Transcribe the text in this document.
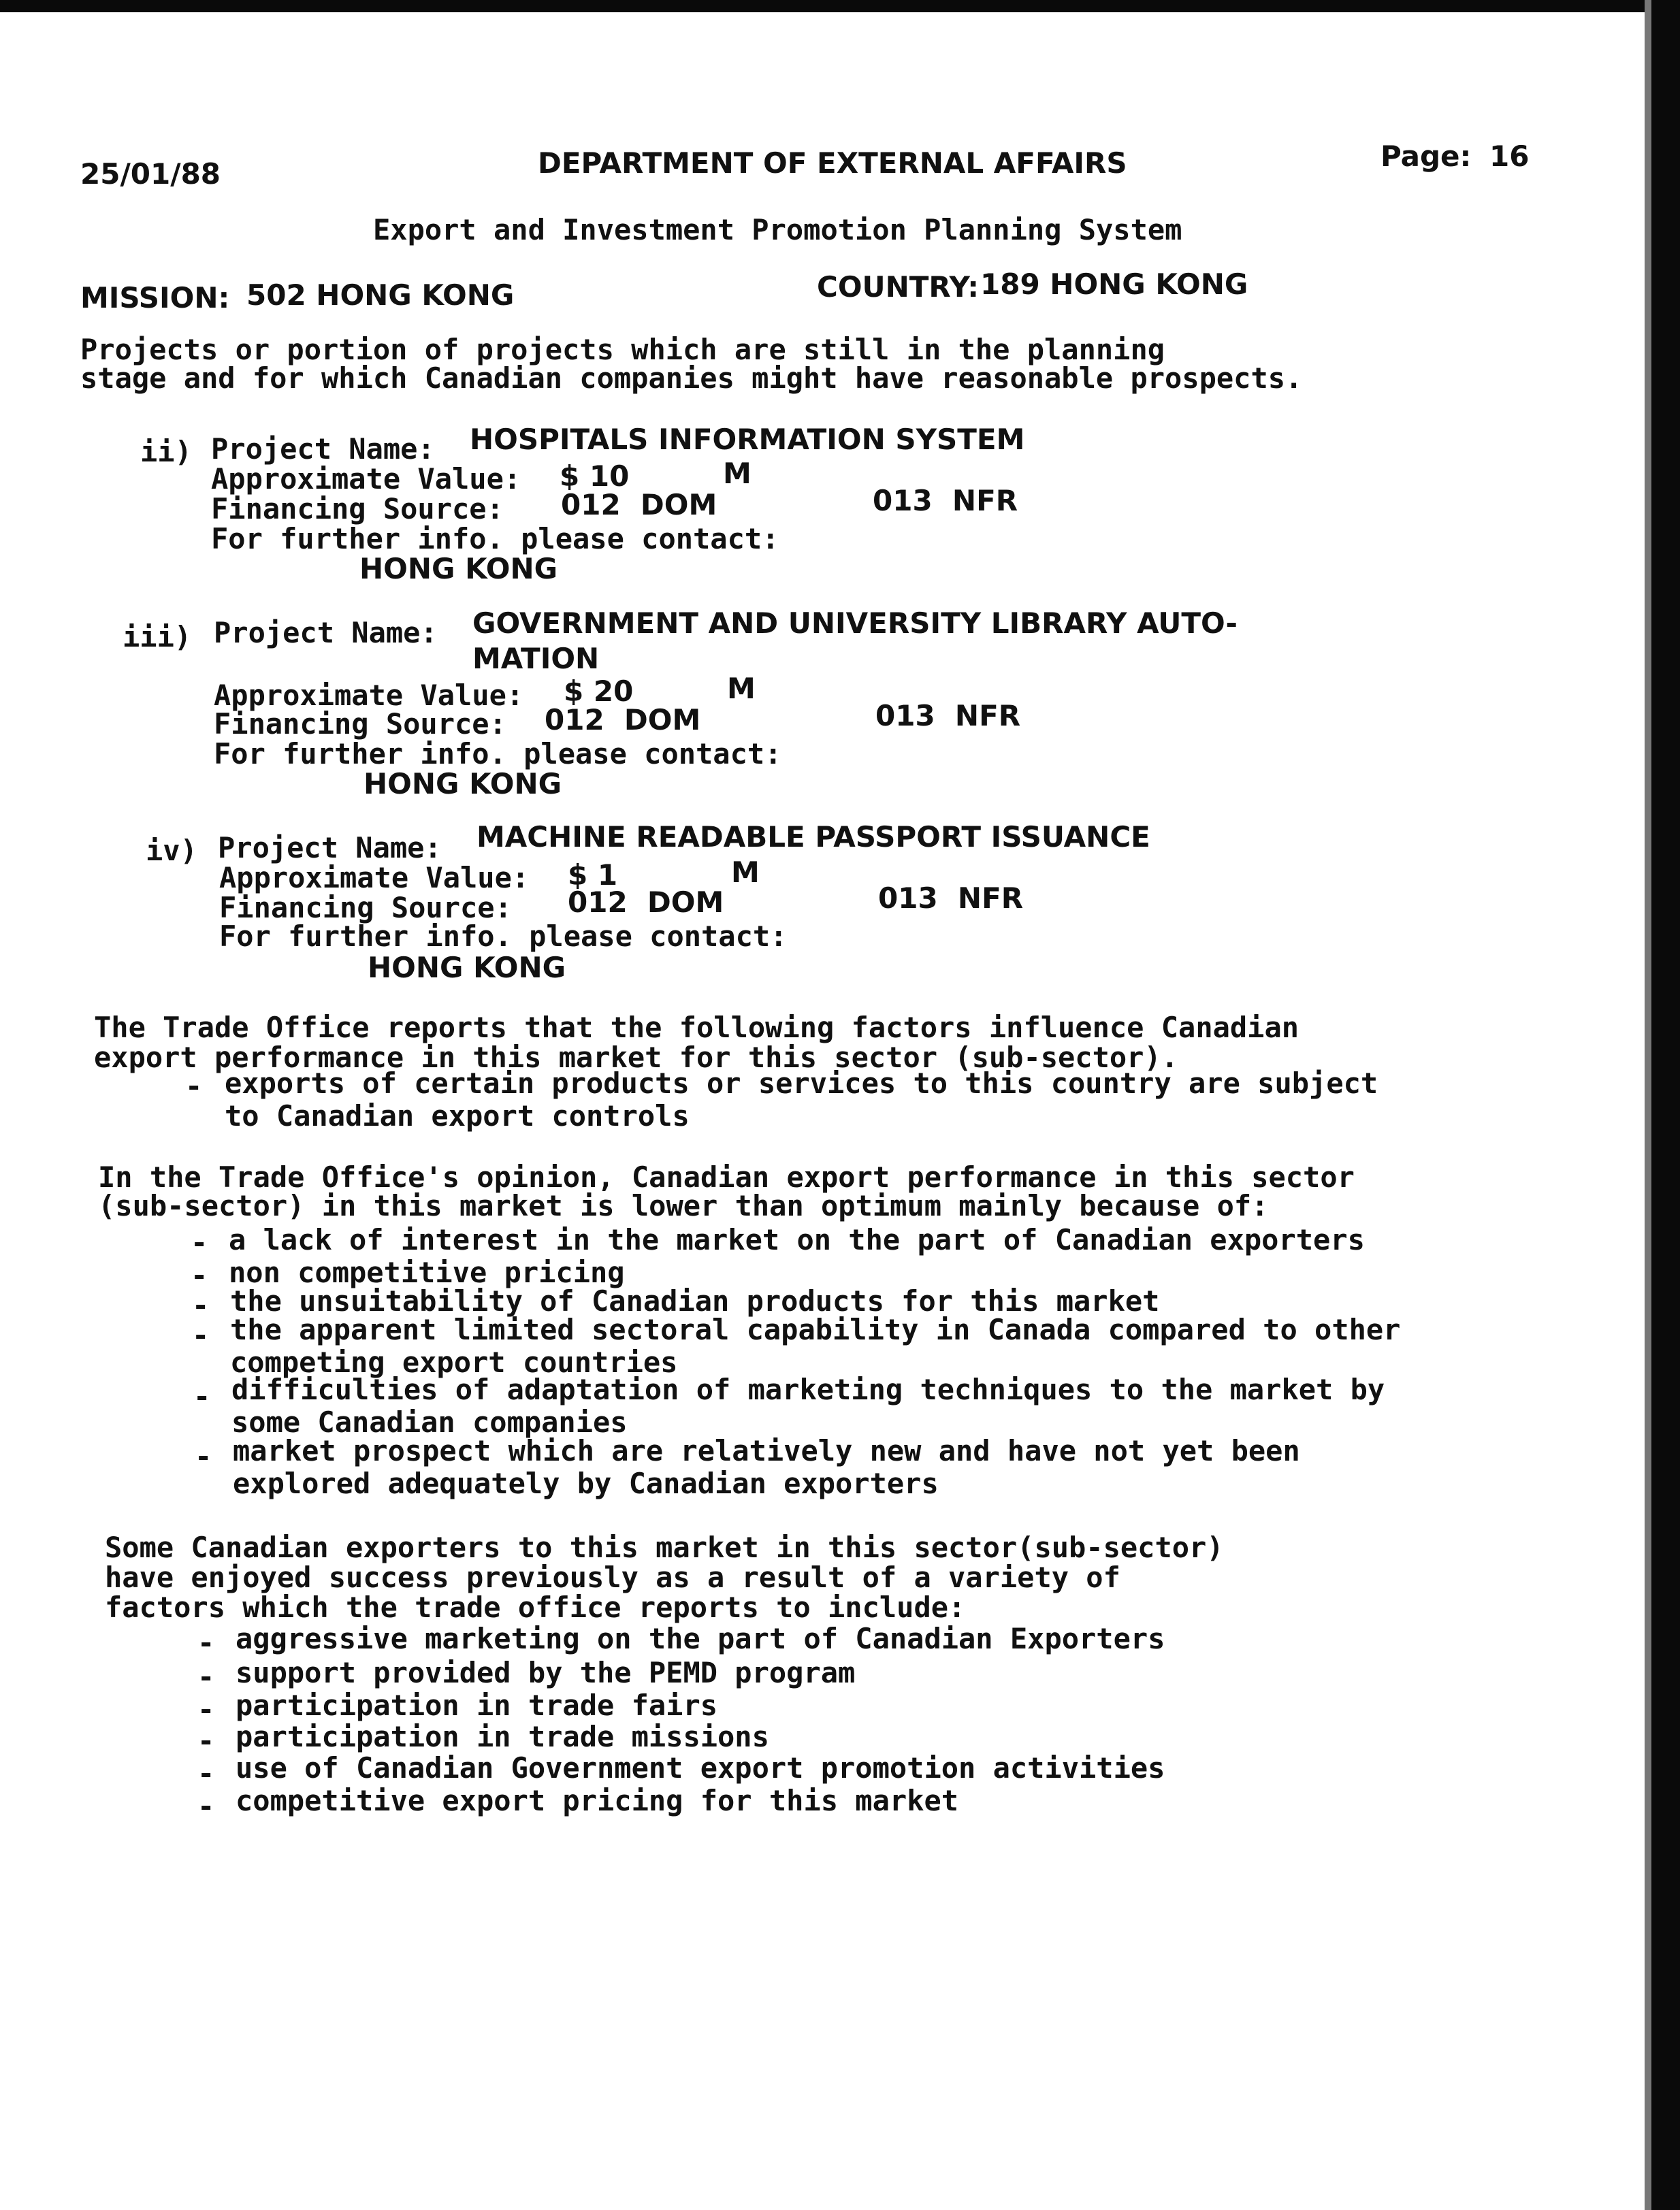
25/01/88	DEPARTMENT OF EXTERNAL AFFAIRS	Page: 16

Export and Investment Promotion Planning System

MISSION: 502 HONG KONG	COUNTRY: 189 HONG KONG

Projects or portion of projects which are still in the planning

stage and for which Canadian companies might have reasonable prospects.

ii) Project Name: HOSPITALS INFORMATION SYSTEM

Approximate Value: $ 10	M

Financing Source: 012  DOM	013  NFR

For further info. please contact:

HONG KONG

iii) Project Name: GOVERNMENT AND UNIVERSITY LIBRARY AUTO-

MATION

Approximate Value: $ 20	M

Financing Source: 012  DOM	013  NFR

For further info. please contact:

HONG KONG

iv) Project Name: MACHINE READABLE PASSPORT ISSUANCE

Approximate Value: $ 1	M

Financing Source: 012  DOM	013  NFR

For further info. please contact:

HONG KONG

The Trade Office reports that the following factors influence Canadian

export performance in this market for this sector (sub-sector).

- exports of certain products or services to this country are subject

to Canadian export controls

In the Trade Office's opinion, Canadian export performance in this sector

(sub-sector) in this market is lower than optimum mainly because of:

- a lack of interest in the market on the part of Canadian exporters

- non competitive pricing

- the unsuitability of Canadian products for this market

- the apparent limited sectoral capability in Canada compared to other

competing export countries

- difficulties of adaptation of marketing techniques to the market by

some Canadian companies

- market prospect which are relatively new and have not yet been

explored adequately by Canadian exporters

Some Canadian exporters to this market in this sector(sub-sector)

have enjoyed success previously as a result of a variety of

factors which the trade office reports to include:

- aggressive marketing on the part of Canadian Exporters

- support provided by the PEMD program

- participation in trade fairs

- participation in trade missions

- use of Canadian Government export promotion activities

- competitive export pricing for this market
